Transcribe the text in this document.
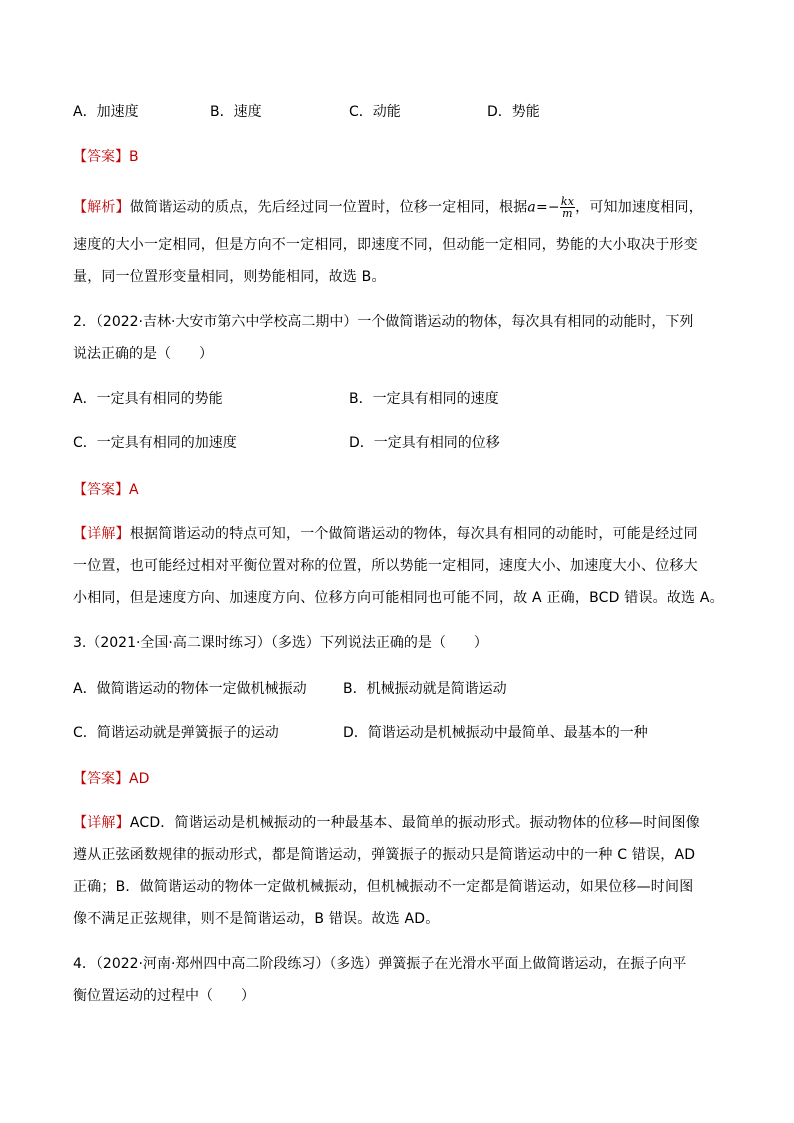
A．加速度	B．速度	C．动能	D．势能
【答案】B
【解析】做简谐运动的质点，先后经过同一位置时，位移一定相同，根据$a=- \frac{kx}{m}$ ，可知加速度相同，
速度的大小一定相同，但是方向不一定相同，即速度不同，但动能一定相同，势能的大小取决于形变
量，同一位置形变量相同，则势能相同，故选 B。
2．（2022·吉林·大安市第六中学校高二期中）一个做简谐运动的物体，每次具有相同的动能时，下列
说法正确的是（　　）
A．一定具有相同的势能	B．一定具有相同的速度
C．一定具有相同的加速度	D．一定具有相同的位移
【答案】A
【详解】根据简谐运动的特点可知，一个做简谐运动的物体，每次具有相同的动能时，可能是经过同
一位置，也可能经过相对平衡位置对称的位置，所以势能一定相同，速度大小、加速度大小、位移大
小相同，但是速度方向、加速度方向、位移方向可能相同也可能不同，故 A 正确，BCD 错误。故选 A。
3.（2021·全国·高二课时练习）（多选）下列说法正确的是（　　）
A．做简谐运动的物体一定做机械振动	B．机械振动就是简谐运动
C．简谐运动就是弹簧振子的运动	D．简谐运动是机械振动中最简单、最基本的一种
【答案】AD
【详解】ACD．简谐运动是机械振动的一种最基本、最简单的振动形式。振动物体的位移—时间图像
遵从正弦函数规律的振动形式，都是简谐运动，弹簧振子的振动只是简谐运动中的一种 C 错误，AD
正确；B．做简谐运动的物体一定做机械振动，但机械振动不一定都是简谐运动，如果位移—时间图
像不满足正弦规律，则不是简谐运动，B 错误。故选 AD。
4．（2022·河南·郑州四中高二阶段练习）（多选）弹簧振子在光滑水平面上做简谐运动，在振子向平
衡位置运动的过程中（　　）
